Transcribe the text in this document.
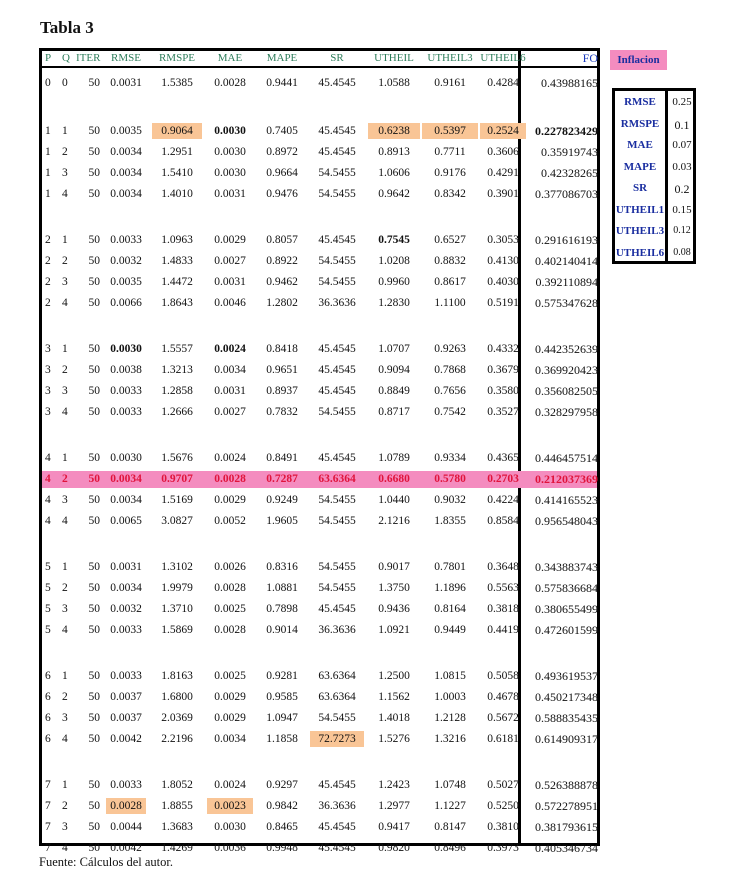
Tabla 3
P Q ITER RMSE	RMSPE	MAE	MAPE	SR	UTHEIL	UTHEIL3 UTHEIL6	FO
0 0	50 0.0031	1.5385	0.0028	0.9441	45.4545	1.0588	0.9161	0.4284	0.43988165
1 1	50 0.0035	0.9064	0.0030	0.7405	45.4545	0.6238	0.5397	0.2524	0.227823429
1 2	50 0.0034	1.2951	0.0030	0.8972	45.4545	0.8913	0.7711	0.3606	0.35919743
1 3	50 0.0034	1.5410	0.0030	0.9664	54.5455	1.0606	0.9176	0.4291	0.42328265
1 4	50 0.0034	1.4010	0.0031	0.9476	54.5455	0.9642	0.8342	0.3901	0.377086703
2 1	50 0.0033	1.0963	0.0029	0.8057	45.4545	0.7545	0.6527	0.3053	0.291616193
2 2	50 0.0032	1.4833	0.0027	0.8922	54.5455	1.0208	0.8832	0.4130	0.402140414
2 3	50 0.0035	1.4472	0.0031	0.9462	54.5455	0.9960	0.8617	0.4030	0.392110894
2 4	50 0.0066	1.8643	0.0046	1.2802	36.3636	1.2830	1.1100	0.5191	0.575347628
3 1	50 0.0030	1.5557	0.0024	0.8418	45.4545	1.0707	0.9263	0.4332	0.442352639
3 2	50 0.0038	1.3213	0.0034	0.9651	45.4545	0.9094	0.7868	0.3679	0.369920423
3 3	50 0.0033	1.2858	0.0031	0.8937	45.4545	0.8849	0.7656	0.3580	0.356082505
3 4	50 0.0033	1.2666	0.0027	0.7832	54.5455	0.8717	0.7542	0.3527	0.328297958
4 1	50 0.0030	1.5676	0.0024	0.8491	45.4545	1.0789	0.9334	0.4365	0.446457514
4 2	50 0.0034	0.9707	0.0028	0.7287	63.6364	0.6680	0.5780	0.2703	0.212037369
4 3	50 0.0034	1.5169	0.0029	0.9249	54.5455	1.0440	0.9032	0.4224	0.414165523
4 4	50 0.0065	3.0827	0.0052	1.9605	54.5455	2.1216	1.8355	0.8584	0.956548043
5 1	50 0.0031	1.3102	0.0026	0.8316	54.5455	0.9017	0.7801	0.3648	0.343883743
5 2	50 0.0034	1.9979	0.0028	1.0881	54.5455	1.3750	1.1896	0.5563	0.575836684
5 3	50 0.0032	1.3710	0.0025	0.7898	45.4545	0.9436	0.8164	0.3818	0.380655499
5 4	50 0.0033	1.5869	0.0028	0.9014	36.3636	1.0921	0.9449	0.4419	0.472601599
6 1	50 0.0033	1.8163	0.0025	0.9281	63.6364	1.2500	1.0815	0.5058	0.493619537
6 2	50 0.0037	1.6800	0.0029	0.9585	63.6364	1.1562	1.0003	0.4678	0.450217348
6 3	50 0.0037	2.0369	0.0029	1.0947	54.5455	1.4018	1.2128	0.5672	0.588835435
6 4	50 0.0042	2.2196	0.0034	1.1858	72.7273	1.5276	1.3216	0.6181	0.614909317
7 1	50 0.0033	1.8052	0.0024	0.9297	45.4545	1.2423	1.0748	0.5027	0.526388878
7 2	50 0.0028	1.8855	0.0023	0.9842	36.3636	1.2977	1.1227	0.5250	0.572278951
7 3	50 0.0044	1.3683	0.0030	0.8465	45.4545	0.9417	0.8147	0.3810	0.381793615
7 4	50 0.0042	1.4269	0.0036	0.9948	45.4545	0.9820	0.8496	0.3973	0.405346734
Inflacion
RMSE	0.25
RMSPE	0.1
MAE	0.07
MAPE	0.03
SR	0.2
UTHEIL1 0.15
UTHEIL3 0.12
UTHEIL6 0.08
Fuente: Cálculos del autor.
